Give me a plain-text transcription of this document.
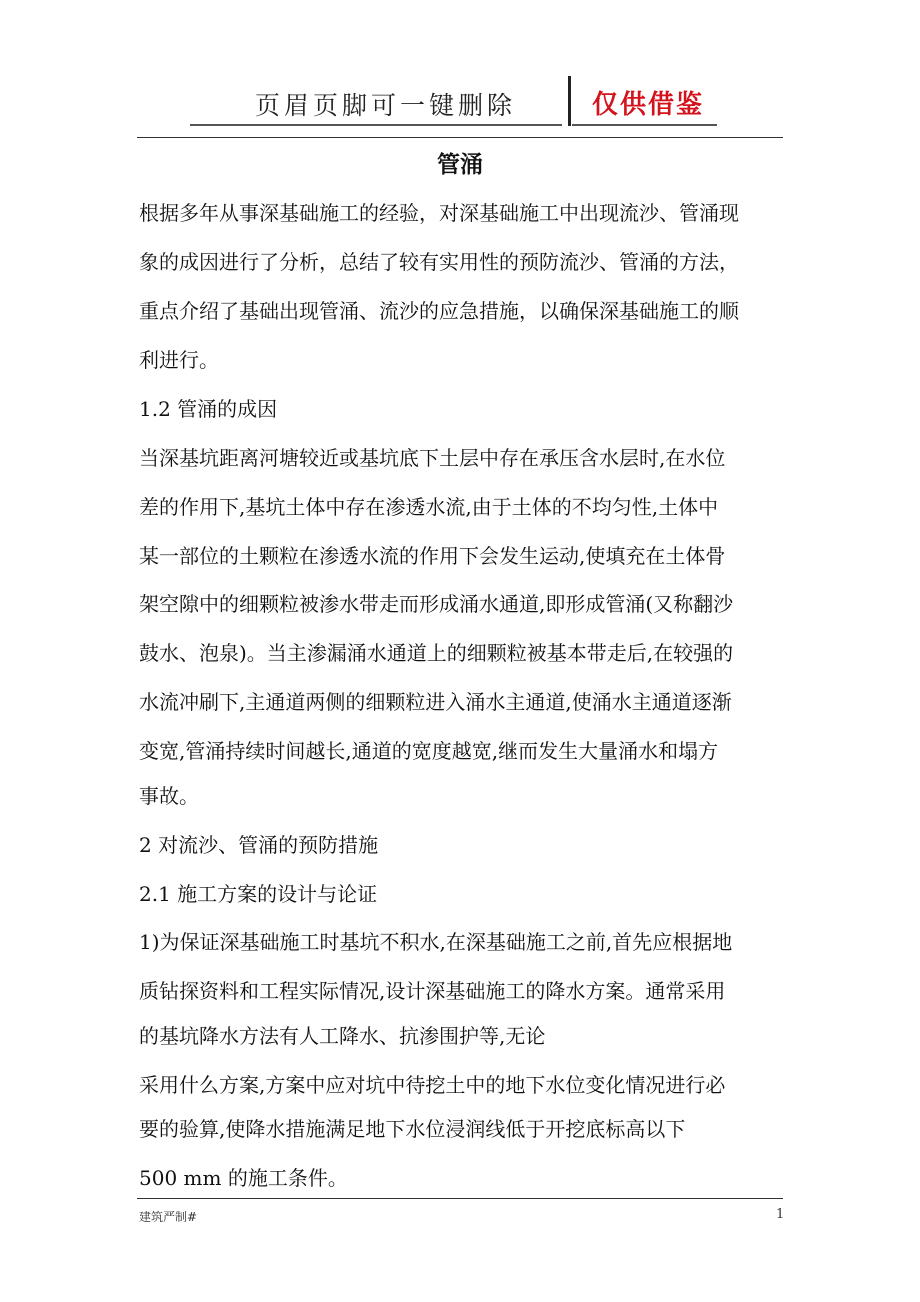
页眉页脚可一键删除	仅供借鉴
管涌
根据多年从事深基础施工的经验，对深基础施工中出现流沙、管涌现
象的成因进行了分析，总结了较有实用性的预防流沙、管涌的方法，
重点介绍了基础出现管涌、流沙的应急措施，以确保深基础施工的顺
利进行。
1.2 管涌的成因
当深基坑距离河塘较近或基坑底下土层中存在承压含水层时,在水位
差的作用下,基坑土体中存在渗透水流,由于土体的不均匀性,土体中
某一部位的土颗粒在渗透水流的作用下会发生运动,使填充在土体骨
架空隙中的细颗粒被渗水带走而形成涌水通道,即形成管涌(又称翻沙
鼓水、泡泉)。当主渗漏涌水通道上的细颗粒被基本带走后,在较强的
水流冲刷下,主通道两侧的细颗粒进入涌水主通道,使涌水主通道逐渐
变宽,管涌持续时间越长,通道的宽度越宽,继而发生大量涌水和塌方
事故。
2 对流沙、管涌的预防措施
2.1 施工方案的设计与论证
1)为保证深基础施工时基坑不积水,在深基础施工之前,首先应根据地
质钻探资料和工程实际情况,设计深基础施工的降水方案。通常采用
的基坑降水方法有人工降水、抗渗围护等,无论
采用什么方案,方案中应对坑中待挖土中的地下水位变化情况进行必
要的验算,使降水措施满足地下水位浸润线低于开挖底标高以下
500 mm 的施工条件。
建筑严制#	1
